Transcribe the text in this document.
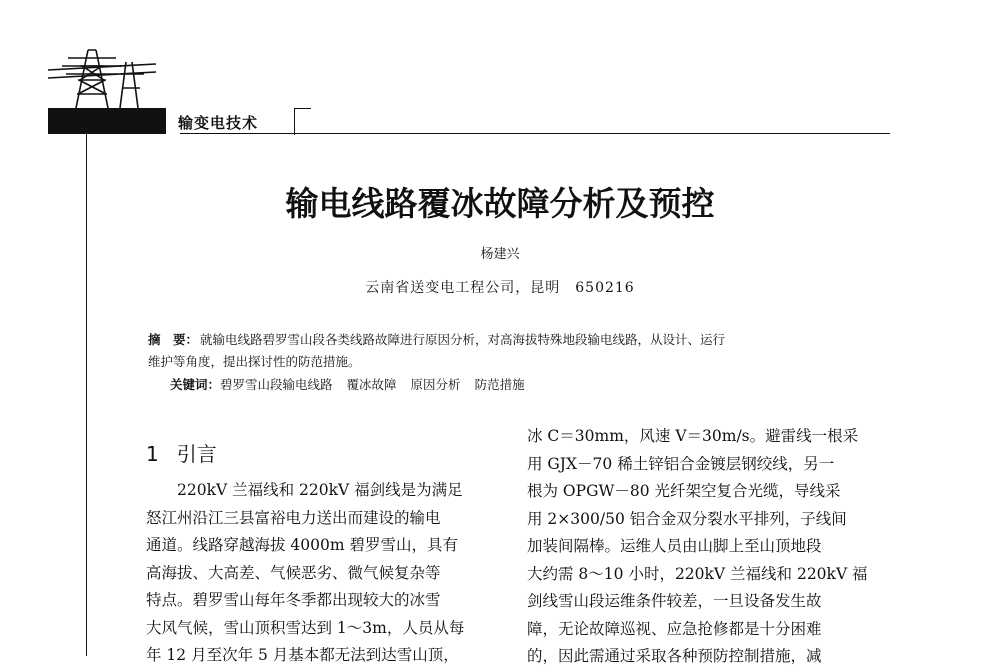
输变电技术
输电线路覆冰故障分析及预控
杨建兴
云南省送变电工程公司，昆明　650216
摘　要： 就输电线路碧罗雪山段各类线路故障进行原因分析，对高海拔特殊地段输电线路，从设计、运行
维护等角度，提出探讨性的防范措施。
关键词：碧罗雪山段输电线路 覆冰故障 原因分析 防范措施
1 引言
220kV 兰福线和 220kV 福剑线是为满足
怒江州沿江三县富裕电力送出而建设的输电
通道。线路穿越海拔 4000m 碧罗雪山，具有
高海拔、大高差、气候恶劣、微气候复杂等
特点。碧罗雪山每年冬季都出现较大的冰雪
大风气候，雪山顶积雪达到 1～3m，人员从每
年 12 月至次年 5 月基本都无法到达雪山顶，
冰 C＝30mm，风速 V＝30m/s。避雷线一根采
用 GJX－70 稀土锌铝合金镀层钢绞线，另一
根为 OPGW－80 光纤架空复合光缆，导线采
用 2×300/50 铝合金双分裂水平排列，子线间
加装间隔棒。运维人员由山脚上至山顶地段
大约需 8～10 小时，220kV 兰福线和 220kV 福
剑线雪山段运维条件较差，一旦设备发生故
障，无论故障巡视、应急抢修都是十分困难
的，因此需通过采取各种预防控制措施，减
